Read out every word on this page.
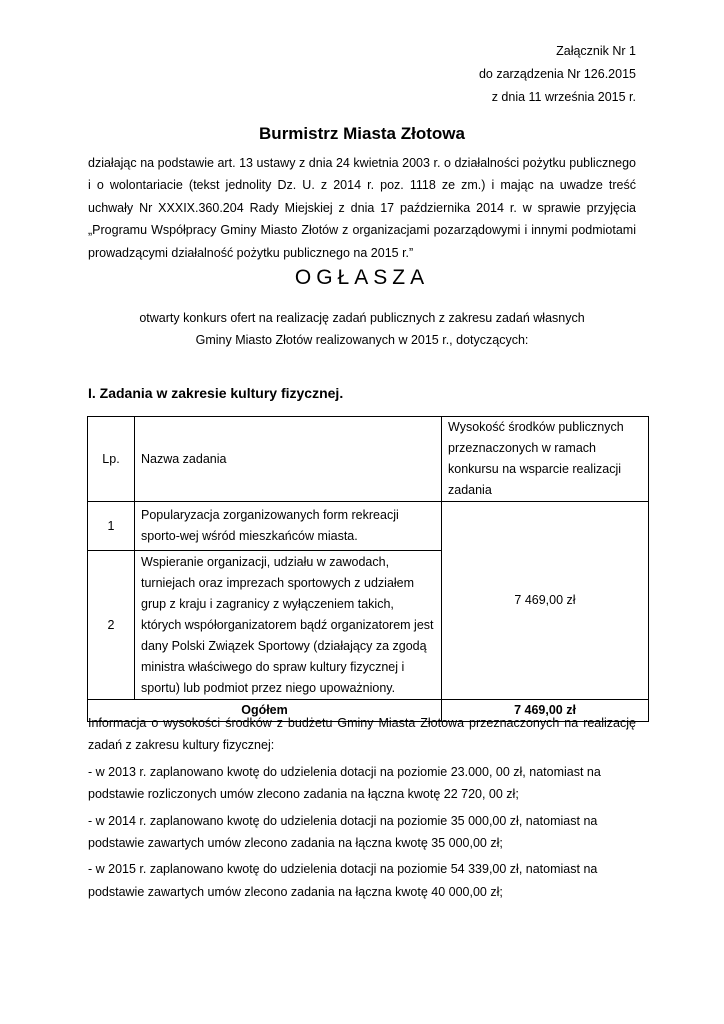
Załącznik Nr 1
do zarządzenia Nr 126.2015
z dnia 11 września 2015 r.
Burmistrz Miasta Złotowa
działając na podstawie art. 13 ustawy z dnia 24 kwietnia 2003 r. o działalności pożytku publicznego i o wolontariacie (tekst jednolity Dz. U. z 2014 r. poz. 1118 ze zm.) i mając na uwadze treść uchwały Nr XXXIX.360.204 Rady Miejskiej z dnia 17 października 2014 r. w sprawie przyjęcia „Programu Współpracy Gminy Miasto Złotów z organizacjami pozarządowymi i innymi podmiotami prowadzącymi działalność pożytku publicznego na 2015 r.”
OGŁASZA
otwarty konkurs ofert na realizację zadań publicznych z zakresu zadań własnych
Gminy Miasto Złotów realizowanych w 2015 r., dotyczących:
I. Zadania w zakresie kultury fizycznej.
Lp.	Nazwa zadania	Wysokość środków publicznych przeznaczonych w ramach konkursu na wsparcie realizacji zadania
1	Popularyzacja zorganizowanych form rekreacji sporto-wej wśród mieszkańców miasta.	7 469,00 zł
2	Wspieranie organizacji, udziału w zawodach, turniejach oraz imprezach sportowych z udziałem grup z kraju i zagranicy z wyłączeniem takich, których współorganizatorem bądź organizatorem jest dany Polski Związek Sportowy (działający za zgodą ministra właściwego do spraw kultury fizycznej i sportu) lub podmiot przez niego upoważniony.	
Ogółem		7 469,00 zł

Informacja o wysokości środków z budżetu Gminy Miasta Złotowa przeznaczonych na realizację zadań z zakresu kultury fizycznej:

- w 2013 r. zaplanowano kwotę do udzielenia dotacji na poziomie 23.000, 00 zł, natomiast na podstawie rozliczonych umów zlecono zadania na łączna kwotę 22 720, 00 zł;

- w 2014 r. zaplanowano kwotę do udzielenia dotacji na poziomie 35 000,00 zł, natomiast na podstawie zawartych umów zlecono zadania na łączna kwotę 35 000,00 zł;

- w 2015 r. zaplanowano kwotę do udzielenia dotacji na poziomie 54 339,00 zł, natomiast na podstawie zawartych umów zlecono zadania na łączna kwotę 40 000,00 zł;
